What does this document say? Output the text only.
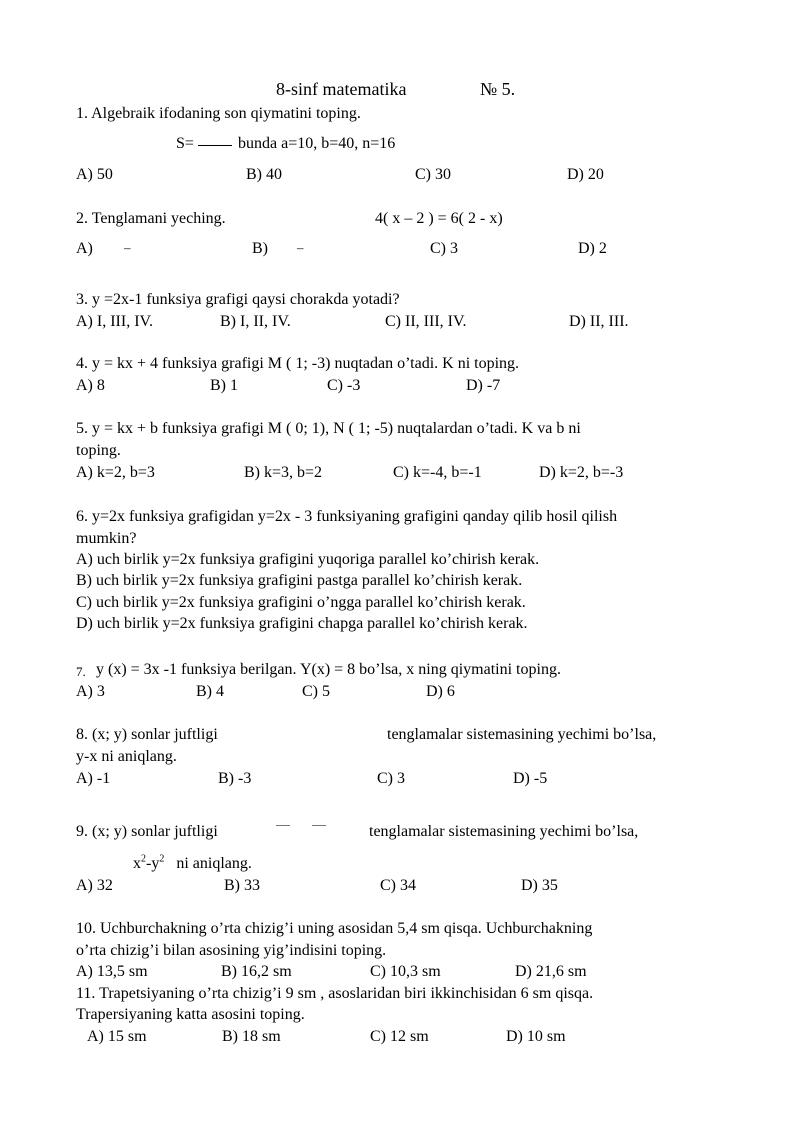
8-sinf matematika	№ 5.
1. Algebraik ifodaning son qiymatini toping.
S=	bunda a=10, b=40, n=16
A) 50	B) 40	C) 30	D) 20
2. Tenglamani yeching.	4( x – 2 ) = 6( 2 - x)
A) –	B) –	C) 3	D) 2
3. y =2x-1 funksiya grafigi qaysi chorakda yotadi?
A) I, III, IV.	B) I, II, IV.	C) II, III, IV.	D) II, III.
4. y = kx + 4 funksiya grafigi M ( 1; -3) nuqtadan o’tadi. K ni toping.
A) 8	B) 1	C) -3	D) -7
5. y = kx + b funksiya grafigi M ( 0; 1), N ( 1; -5) nuqtalardan o’tadi. K va b ni
toping.
A) k=2, b=3	B) k=3, b=2	C) k=-4, b=-1	D) k=2, b=-3
6. y=2x funksiya grafigidan y=2x - 3 funksiyaning grafigini qanday qilib hosil qilish
mumkin?
A) uch birlik y=2x funksiya grafigini yuqoriga parallel ko’chirish kerak.
B) uch birlik y=2x funksiya grafigini pastga parallel ko’chirish kerak.
C) uch birlik y=2x funksiya grafigini o’ngga parallel ko’chirish kerak.
D) uch birlik y=2x funksiya grafigini chapga parallel ko’chirish kerak.
7. y (x) = 3x -1 funksiya berilgan. Y(x) = 8 bo’lsa, x ning qiymatini toping.
A) 3	B) 4	C) 5	D) 6
8. (x; y) sonlar juftligi	tenglamalar sistemasining yechimi bo’lsa,
y-x ni aniqlang.
A) -1	B) -3	C) 3	D) -5
9. (x; y) sonlar juftligi	tenglamalar sistemasining yechimi bo’lsa,
$x^2-y^2$ ni aniqlang.
A) 32	B) 33	C) 34	D) 35
10. Uchburchakning o’rta chizig’i uning asosidan 5,4 sm qisqa. Uchburchakning
o’rta chizig’i bilan asosining yig’indisini toping.
A) 13,5 sm	B) 16,2 sm	C) 10,3 sm	D) 21,6 sm
11. Trapetsiyaning o’rta chizig’i 9 sm , asoslaridan biri ikkinchisidan 6 sm qisqa.
Trapersiyaning katta asosini toping.
A) 15 sm	B) 18 sm	C) 12 sm	D) 10 sm
